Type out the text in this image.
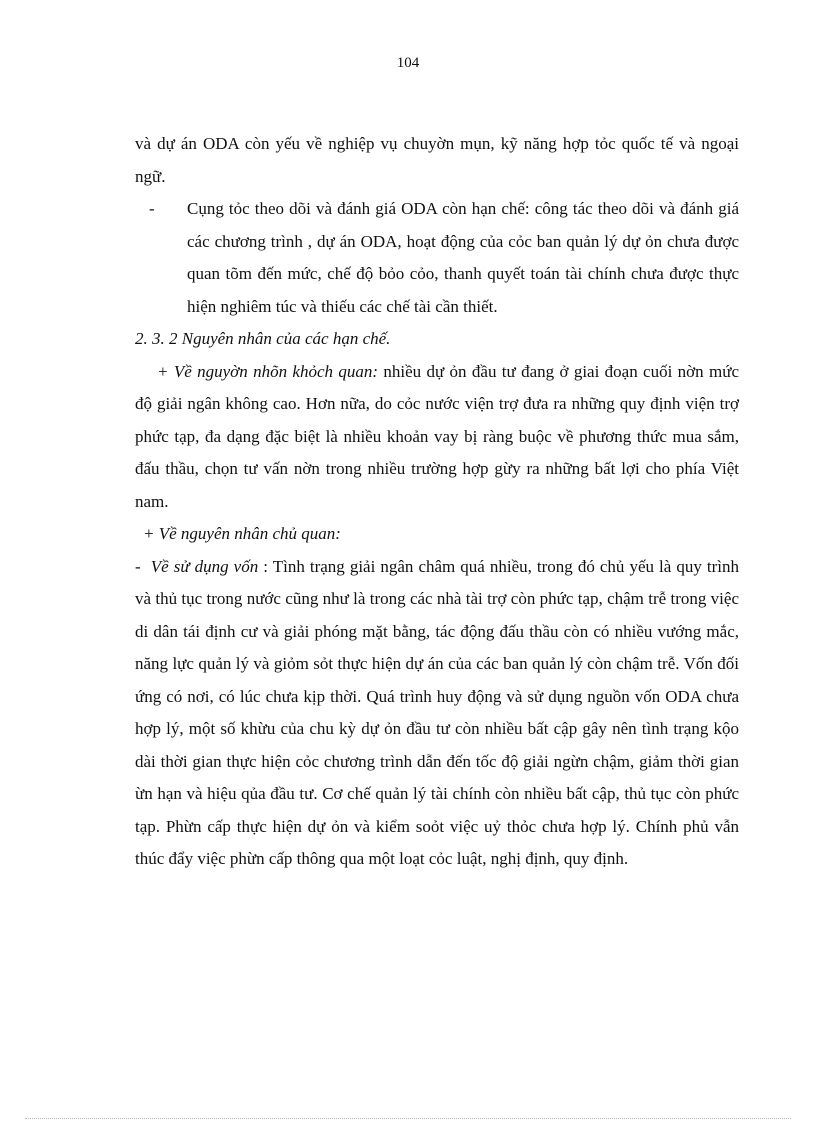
104

và dự án ODA còn yếu về nghiệp vụ chuyờn mụn, kỹ năng hợp tỏc quốc tế và ngoại ngữ.

-	Cụng tỏc theo dõi và đánh giá ODA còn hạn chế: công tác theo dõi và đánh giá các chương trình , dự án ODA, hoạt động của cỏc ban quản lý dự ỏn chưa được quan tõm đến mức, chế độ bỏo cỏo, thanh quyết toán tài chính chưa được thực hiện nghiêm túc và thiếu các chế tài cần thiết.

2. 3. 2 Nguyên nhân của các hạn chế.

+ Về nguyờn nhõn khỏch quan: nhiều dự ỏn đầu tư đang ở giai đoạn cuối nờn mức độ giải ngân không cao. Hơn nữa, do cỏc nước viện trợ đưa ra những quy định viện trợ phức tạp, đa dạng đặc biệt là nhiều khoản vay bị ràng buộc về phương thức mua sắm, đấu thầu, chọn tư vấn nờn trong nhiều trường hợp gừy ra những bất lợi cho phía Việt nam.

+ Về nguyên nhân chủ quan:

- Về sử dụng vốn : Tình trạng giải ngân châm quá nhiều, trong đó chủ yếu là quy trình và thủ tục trong nước cũng như là trong các nhà tài trợ còn phức tạp, chậm trễ trong việc di dân tái định cư và giải phóng mặt bằng, tác động đấu thầu còn có nhiều vướng mắc, năng lực quản lý và giỏm sỏt thực hiện dự án của các ban quản lý còn chậm trễ. Vốn đối ứng có nơi, có lúc chưa kịp thời. Quá trình huy động và sử dụng nguồn vốn ODA chưa hợp lý, một số khừu của chu kỳ dự ỏn đầu tư còn nhiều bất cập gây nên tình trạng kộo dài thời gian thực hiện cỏc chương trình dẫn đến tốc độ giải ngừn chậm, giảm thời gian ừn hạn và hiệu qủa đầu tư. Cơ chế quản lý tài chính còn nhiều bất cập, thủ tục còn phức tạp. Phừn cấp thực hiện dự ỏn và kiểm soỏt việc uỷ thỏc chưa hợp lý. Chính phủ vẫn thúc đẩy việc phừn cấp thông qua một loạt cỏc luật, nghị định, quy định.
